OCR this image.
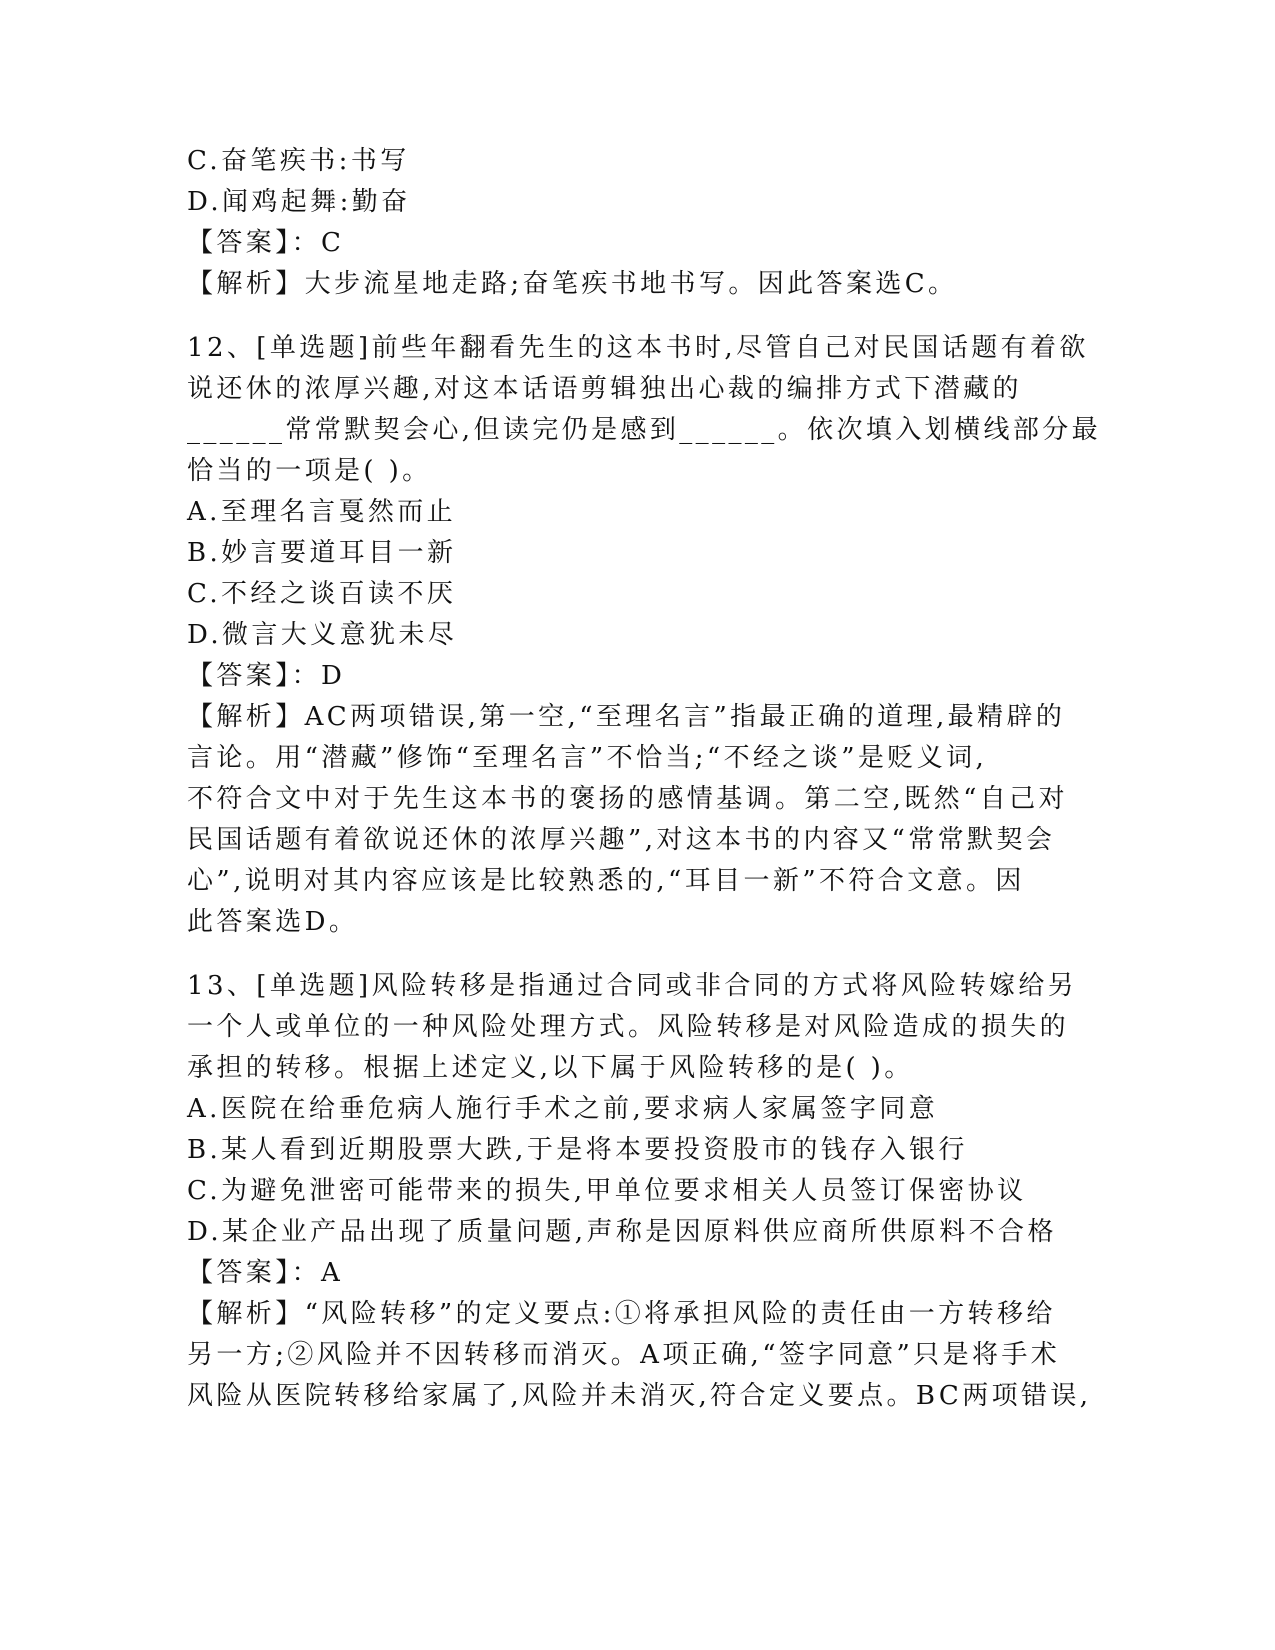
C.奋笔疾书:书写
D.闻鸡起舞:勤奋
【答案】：C
【解析】大步流星地走路;奋笔疾书地书写。因此答案选C。
12、[单选题]前些年翻看先生的这本书时,尽管自己对民国话题有着欲
说还休的浓厚兴趣,对这本话语剪辑独出心裁的编排方式下潜藏的
______常常默契会心,但读完仍是感到______。依次填入划横线部分最
恰当的一项是( )。
A.至理名言戛然而止
B.妙言要道耳目一新
C.不经之谈百读不厌
D.微言大义意犹未尽
【答案】：D
【解析】AC两项错误,第一空,“至理名言”指最正确的道理,最精辟的
言论。用“潜藏”修饰“至理名言”不恰当;“不经之谈”是贬义词,
不符合文中对于先生这本书的褒扬的感情基调。第二空,既然“自己对
民国话题有着欲说还休的浓厚兴趣”,对这本书的内容又“常常默契会
心”,说明对其内容应该是比较熟悉的,“耳目一新”不符合文意。因
此答案选D。
13、[单选题]风险转移是指通过合同或非合同的方式将风险转嫁给另
一个人或单位的一种风险处理方式。风险转移是对风险造成的损失的
承担的转移。根据上述定义,以下属于风险转移的是( )。
A.医院在给垂危病人施行手术之前,要求病人家属签字同意
B.某人看到近期股票大跌,于是将本要投资股市的钱存入银行
C.为避免泄密可能带来的损失,甲单位要求相关人员签订保密协议
D.某企业产品出现了质量问题,声称是因原料供应商所供原料不合格
【答案】：A
【解析】“风险转移”的定义要点:①将承担风险的责任由一方转移给
另一方;②风险并不因转移而消灭。A项正确,“签字同意”只是将手术
风险从医院转移给家属了,风险并未消灭,符合定义要点。BC两项错误,
